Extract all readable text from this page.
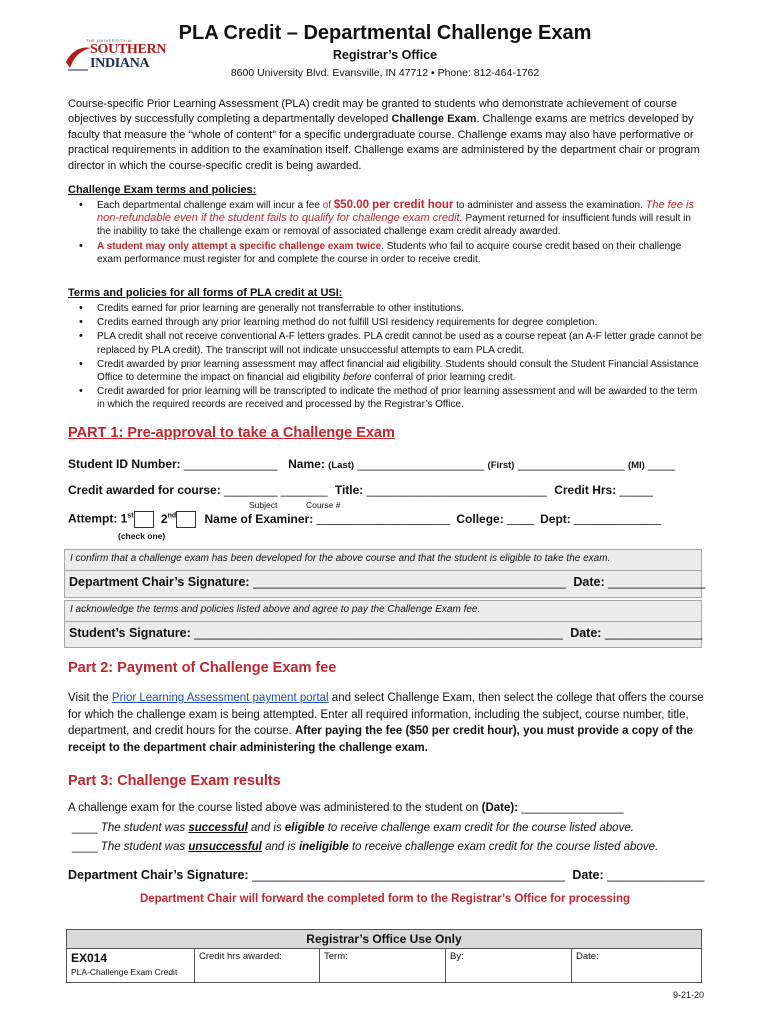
THE UNIVERSITY of
SOUTHERN
INDIANA
PLA Credit – Departmental Challenge Exam
Registrar’s Office
8600 University Blvd. Evansville, IN 47712 • Phone: 812-464-1762
Course-specific Prior Learning Assessment (PLA) credit may be granted to students who demonstrate achievement of course objectives by successfully completing a departmentally developed Challenge Exam. Challenge exams are metrics developed by faculty that measure the “whole of content” for a specific undergraduate course. Challenge exams may also have performative or practical requirements in addition to the examination itself. Challenge exams are administered by the department chair or program director in which the course-specific credit is being awarded.
Challenge Exam terms and policies:
• Each departmental challenge exam will incur a fee of $50.00 per credit hour to administer and assess the examination. The fee is non-refundable even if the student fails to qualify for challenge exam credit. Payment returned for insufficient funds will result in the inability to take the challenge exam or removal of associated challenge exam credit already awarded.
• A student may only attempt a specific challenge exam twice. Students who fail to acquire course credit based on their challenge exam performance must register for and complete the course in order to receive credit.
Terms and policies for all forms of PLA credit at USI:
• Credits earned for prior learning are generally not transferrable to other institutions.
• Credits earned through any prior learning method do not fulfill USI residency requirements for degree completion.
• PLA credit shall not receive conventional A-F letters grades. PLA credit cannot be used as a course repeat (an A-F letter grade cannot be replaced by PLA credit). The transcript will not indicate unsuccessful attempts to earn PLA credit.
• Credit awarded by prior learning assessment may affect financial aid eligibility. Students should consult the Student Financial Assistance Office to determine the impact on financial aid eligibility before conferral of prior learning credit.
• Credit awarded for prior learning will be transcripted to indicate the method of prior learning assessment and will be awarded to the term in which the required records are received and processed by the Registrar’s Office.
PART 1: Pre-approval to take a Challenge Exam
Student ID Number: ______________ Name: (Last) ___________________ (First) ________________ (MI) ____
Credit awarded for course: ________ _______ Title: ___________________________ Credit Hrs: _____
Subject	Course #
Attempt: 1st 2nd Name of Examiner: ____________________ College: ____ Dept: _____________
(check one)
I confirm that a challenge exam has been developed for the above course and that the student is eligible to take the exam.
Department Chair’s Signature: _____________________________________________ Date: ______________
I acknowledge the terms and policies listed above and agree to pay the Challenge Exam fee.
Student’s Signature: _____________________________________________________ Date: ______________
Part 2: Payment of Challenge Exam fee
Visit the Prior Learning Assessment payment portal and select Challenge Exam, then select the college that offers the course for which the challenge exam is being attempted. Enter all required information, including the subject, course number, title, department, and credit hours for the course. After paying the fee ($50 per credit hour), you must provide a copy of the receipt to the department chair administering the challenge exam.
Part 3: Challenge Exam results
A challenge exam for the course listed above was administered to the student on (Date): ________________
____ The student was successful and is eligible to receive challenge exam credit for the course listed above.
____ The student was unsuccessful and is ineligible to receive challenge exam credit for the course listed above.
Department Chair’s Signature: _____________________________________________ Date: ______________
Department Chair will forward the completed form to the Registrar’s Office for processing
Registrar’s Office Use Only

EX014
PLA-Challenge Exam Credit
	Credit hrs awarded:	Term:	By:	Date:
9-21-20
